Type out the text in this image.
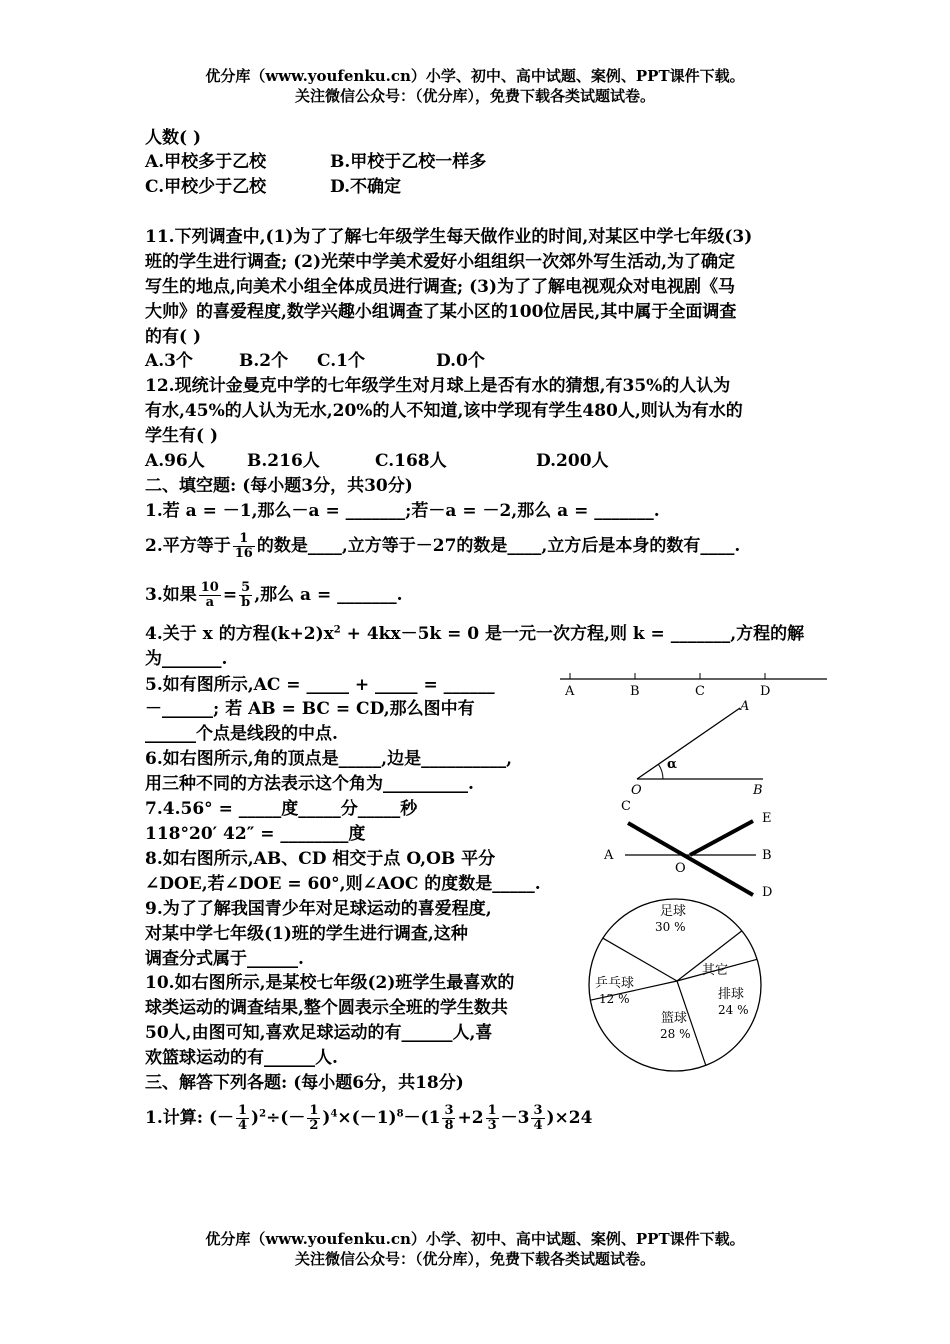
优分库（www.youfenku.cn）小学、初中、高中试题、案例、PPT课件下载。
关注微信公众号：（优分库），免费下载各类试题试卷。
人数( )
A.甲校多于乙校	B.甲校于乙校一样多
C.甲校少于乙校	D.不确定
11.下列调查中,(1)为了了解七年级学生每天做作业的时间,对某区中学七年级(3)
班的学生进行调查; (2)光荣中学美术爱好小组组织一次郊外写生活动,为了确定
写生的地点,向美术小组全体成员进行调查; (3)为了了解电视观众对电视剧《马
大帅》的喜爱程度,数学兴趣小组调查了某小区的100位居民,其中属于全面调查
的有( )
A.3个	B.2个 C.1个	D.0个
12.现统计金曼克中学的七年级学生对月球上是否有水的猜想,有35%的人认为
有水,45%的人认为无水,20%的人不知道,该中学现有学生480人,则认为有水的
学生有( )
A.96人 B.216人	C.168人	D.200人
二、填空题: (每小题3分，共30分)
1.若 a = －1,那么－a = _______;若－a = －2,那么 a = _______.
2.平方等于 $\frac{1}{16}$ 的数是____,立方等于－27的数是____,立方后是本身的数有____.
3.如果 $\frac{10}{a} = \frac{5}{b}$ ,那么 a = _______.
4.关于 x 的方程$(k+2)x^2 + 4kx-5k = 0$ 是一元一次方程,则 k = _______,方程的解
为_______.
5.如有图所示,AC = _____ + _____ = ______
－______; 若 AB = BC = CD,那么图中有
______个点是线段的中点.
6.如右图所示,角的顶点是_____,边是__________,
用三种不同的方法表示这个角为__________.
7.4.56° = _____度_____分_____秒
118°20′ 42″ = ________度
8.如右图所示,AB、CD 相交于点 O,OB 平分
∠DOE,若∠DOE = 60°,则∠AOC 的度数是_____.
9.为了了解我国青少年对足球运动的喜爱程度,
对某中学七年级(1)班的学生进行调查,这种
调查分式属于______.
10.如右图所示,是某校七年级(2)班学生最喜欢的
球类运动的调查结果,整个圆表示全班的学生数共
50人,由图可知,喜欢足球运动的有______人,喜
欢篮球运动的有______人.
三、解答下列各题: (每小题6分，共18分)
1.计算: (－ $\frac{1}{4} )^2\div(- \frac{1}{2} )^4\times(-1)^8-(1 \frac{3}{8} +2 \frac{1}{3} -3 \frac{3}{4} )\times 24$
A	B	C	D
α
O
A
B
C
E
A	B
O
D
足球
30 %
其它
排球
24 %
篮球
28 %
乒乓球
12 %
优分库（www.youfenku.cn）小学、初中、高中试题、案例、PPT课件下载。
关注微信公众号：（优分库），免费下载各类试题试卷。
